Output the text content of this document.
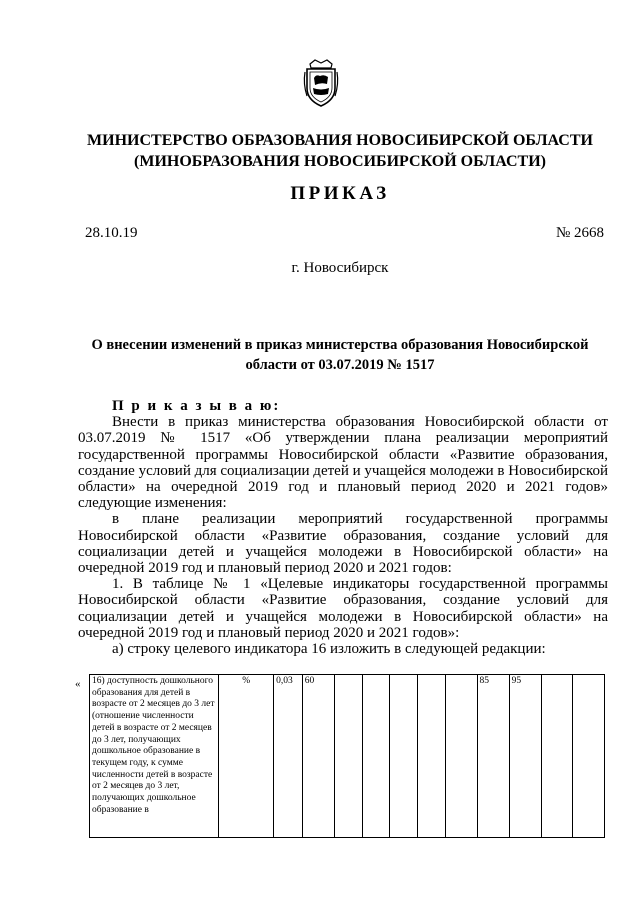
МИНИСТЕРСТВО ОБРАЗОВАНИЯ НОВОСИБИРСКОЙ ОБЛАСТИ
(МИНОБРАЗОВАНИЯ НОВОСИБИРСКОЙ ОБЛАСТИ)
ПРИКАЗ
28.10.19	№ 2668
г. Новосибирск
О внесении изменений в приказ министерства образования Новосибирской
области от 03.07.2019 № 1517

П р и к а з ы в а ю:

Внести в приказ министерства образования Новосибирской области от 03.07.2019 № 1517 «Об утверждении плана реализации мероприятий государственной программы Новосибирской области «Развитие образования, создание условий для социализации детей и учащейся молодежи в Новосибирской области» на очередной 2019 год и плановый период 2020 и 2021 годов» следующие изменения:

в плане реализации мероприятий государственной программы Новосибирской области «Развитие образования, создание условий для социализации детей и учащейся молодежи в Новосибирской области» на очередной 2019 год и плановый период 2020 и 2021 годов:

1. В таблице № 1 «Целевые индикаторы государственной программы Новосибирской области «Развитие образования, создание условий для социализации детей и учащейся молодежи в Новосибирской области» на очередной 2019 год и плановый период 2020 и 2021 годов»:

а) строку целевого индикатора 16 изложить в следующей редакции:

« 16) доступность дошкольного образования для детей в возрасте от 2 месяцев до 3 лет (отношение численности детей в возрасте от 2 месяцев до 3 лет, получающих дошкольное образование в текущем году, к сумме численности детей в возрасте от 2 месяцев до 3 лет, получающих дошкольное образование в	%	0,03	60						85	95		
